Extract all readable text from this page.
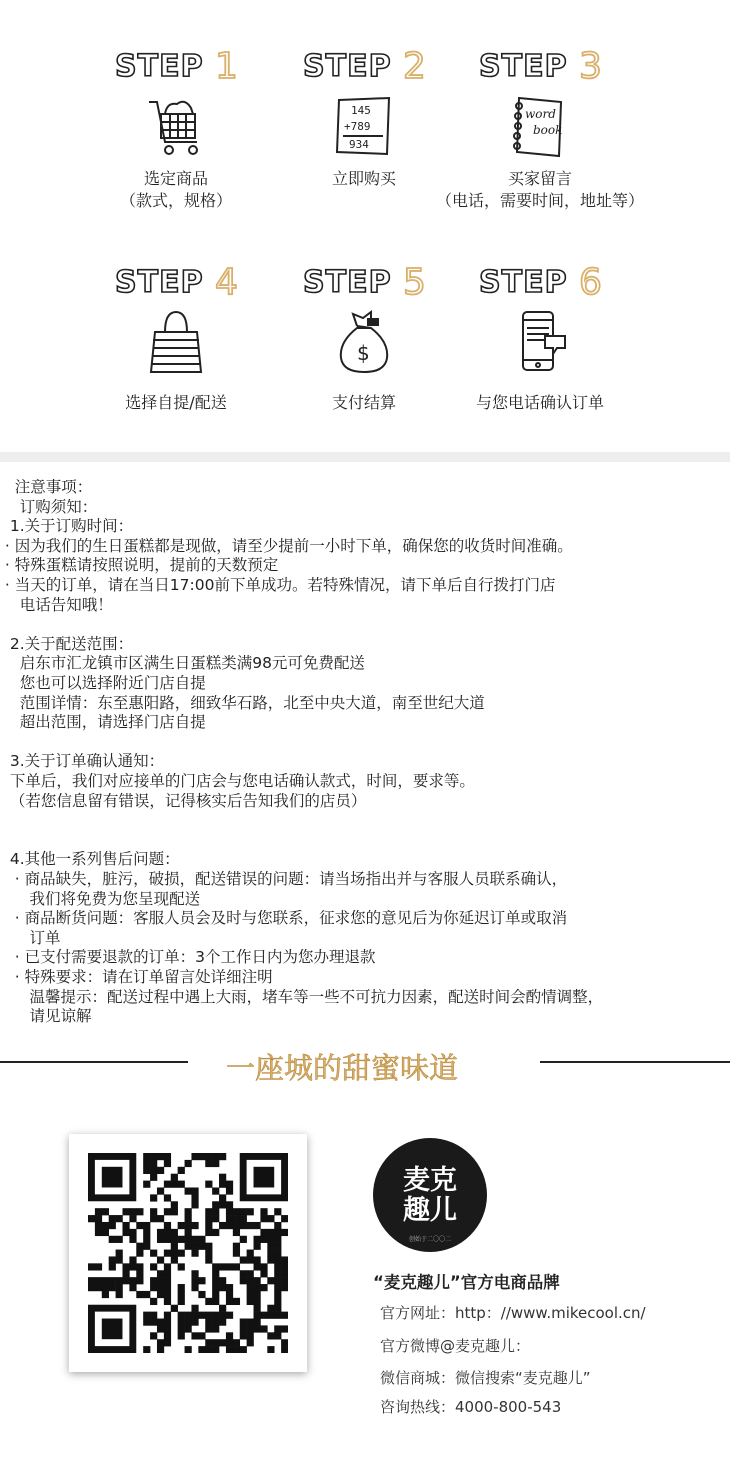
STEP 1
选定商品
（款式，规格）
STEP 2
145
+789
934
立即购买
STEP 3
word
book
买家留言
（电话，需要时间，地址等）
STEP 4
选择自提/配送
STEP 5
$
支付结算
STEP 6
与您电话确认订单
注意事项：
订购须知：
1.关于订购时间：
· 因为我们的生日蛋糕都是现做，请至少提前一小时下单，确保您的收货时间准确。
· 特殊蛋糕请按照说明，提前的天数预定
· 当天的订单，请在当日17:00前下单成功。若特殊情况，请下单后自行拨打门店
电话告知哦！
2.关于配送范围：
启东市汇龙镇市区满生日蛋糕类满98元可免费配送
您也可以选择附近门店自提
范围详情：东至惠阳路，细致华石路，北至中央大道，南至世纪大道
超出范围，请选择门店自提
3.关于订单确认通知：
下单后，我们对应接单的门店会与您电话确认款式，时间，要求等。
（若您信息留有错误，记得核实后告知我们的店员）
4.其他一系列售后问题：
· 商品缺失，脏污，破损，配送错误的问题：请当场指出并与客服人员联系确认，
我们将免费为您呈现配送
· 商品断货问题：客服人员会及时与您联系，征求您的意见后为你延迟订单或取消
订单
· 已支付需要退款的订单：3个工作日内为您办理退款
· 特殊要求：请在订单留言处详细注明
温馨提示：配送过程中遇上大雨，堵车等一些不可抗力因素，配送时间会酌情调整，
请见谅解
一座城的甜蜜味道
麦克
趣儿
创始于二〇〇二
“麦克趣儿”官方电商品牌
官方网址：http：//www.mikecool.cn/
官方微博@麦克趣儿：
微信商城：微信搜索“麦克趣儿”
咨询热线：4000-800-543
